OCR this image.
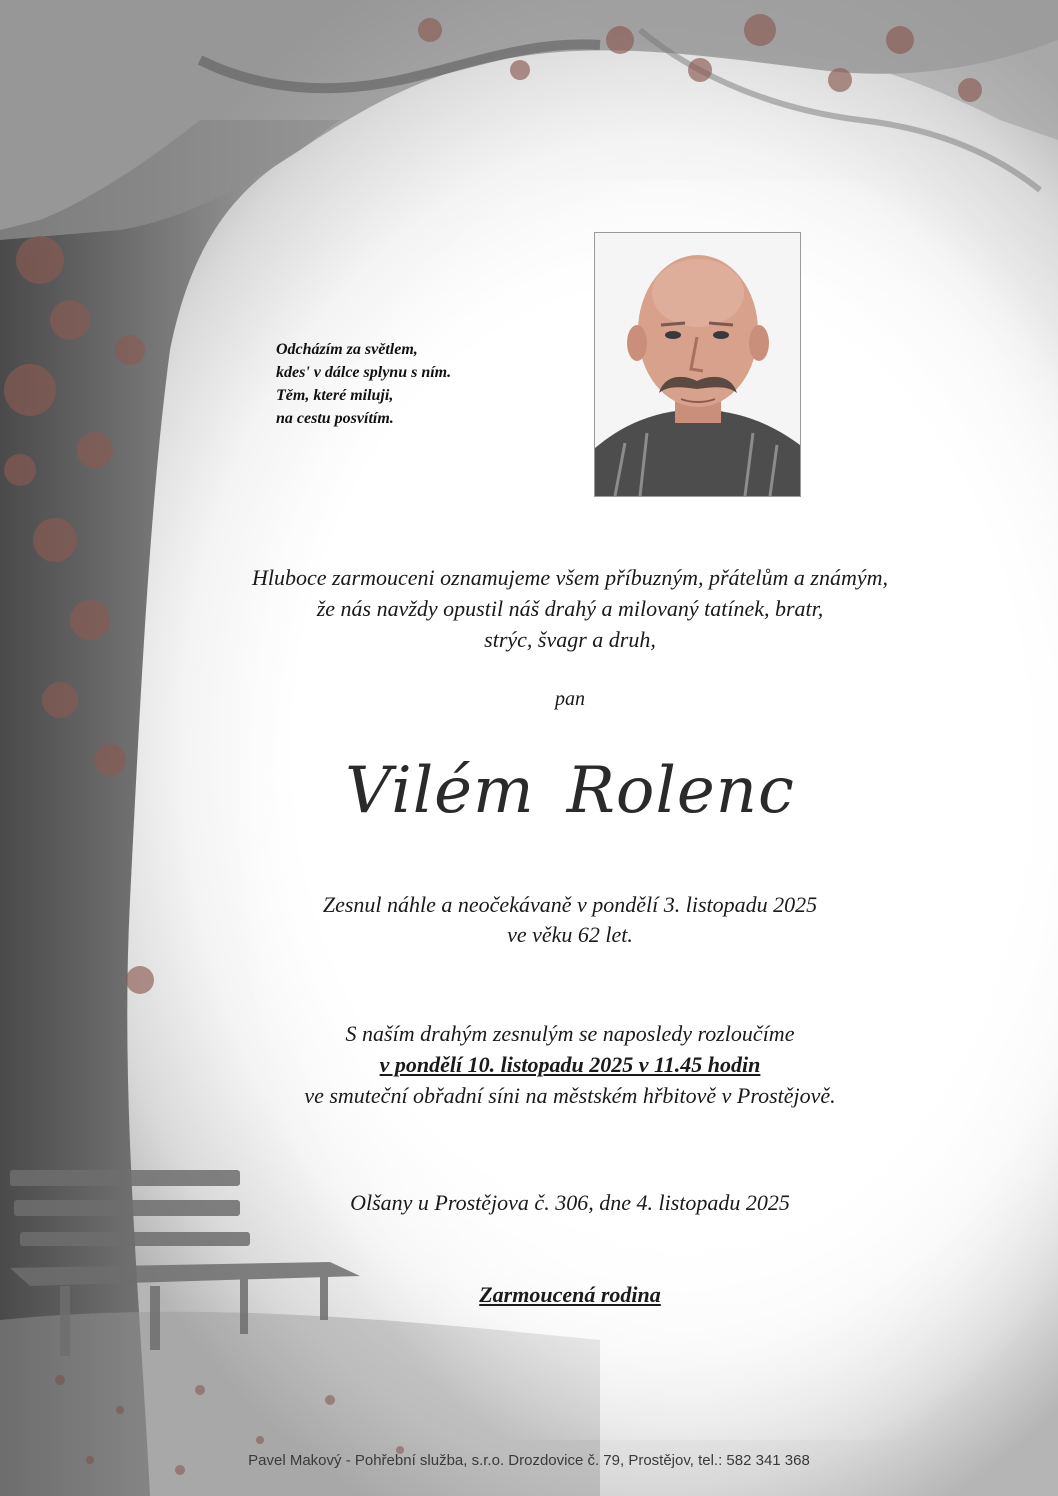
Odcházím za světlem,
kdes' v dálce splynu s ním.
Těm, které miluji,
na cestu posvítím.
Hluboce zarmouceni oznamujeme všem příbuzným, přátelům a známým,
že nás navždy opustil náš drahý a milovaný tatínek, bratr,
strýc, švagr a druh,
pan
Vilém Rolenc
Zesnul náhle a neočekávaně v pondělí 3. listopadu 2025
ve věku 62 let.
S naším drahým zesnulým se naposledy rozloučíme
v pondělí 10. listopadu 2025 v 11.45 hodin
ve smuteční obřadní síni na městském hřbitově v Prostějově.
Olšany u Prostějova č. 306, dne 4. listopadu 2025
Zarmoucená rodina
Pavel Makový - Pohřební služba, s.r.o. Drozdovice č. 79, Prostějov, tel.: 582 341 368
